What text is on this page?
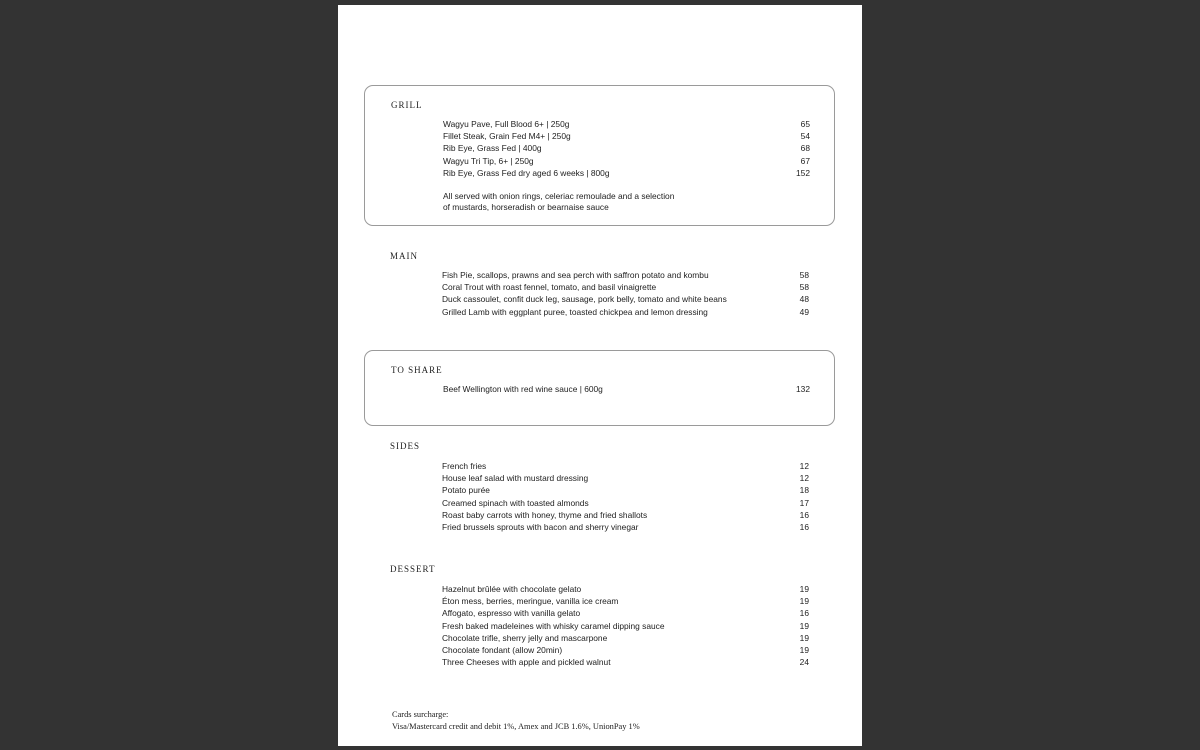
GRILL
Wagyu Pave, Full Blood 6+ | 250g	65
Fillet Steak, Grain Fed M4+ | 250g	54
Rib Eye, Grass Fed | 400g	68
Wagyu Tri Tip, 6+ | 250g	67
Rib Eye, Grass Fed dry aged 6 weeks | 800g	152
All served with onion rings, celeriac remoulade and a selection
of mustards, horseradish or bearnaise sauce
MAIN
Fish Pie, scallops, prawns and sea perch with saffron potato and kombu	58
Coral Trout with roast fennel, tomato, and basil vinaigrette	58
Duck cassoulet, confit duck leg, sausage, pork belly, tomato and white beans	48
Grilled Lamb with eggplant puree, toasted chickpea and lemon dressing	49
TO SHARE
Beef Wellington with red wine sauce | 600g	132
SIDES
French fries	12
House leaf salad with mustard dressing	12
Potato purée	18
Creamed spinach with toasted almonds	17
Roast baby carrots with honey, thyme and fried shallots	16
Fried brussels sprouts with bacon and sherry vinegar	16
DESSERT
Hazelnut brûlée with chocolate gelato	19
Éton mess, berries, meringue, vanilla ice cream	19
Affogato, espresso with vanilla gelato	16
Fresh baked madeleines with whisky caramel dipping sauce	19
Chocolate trifle, sherry jelly and mascarpone	19
Chocolate fondant (allow 20min)	19
Three Cheeses with apple and pickled walnut	24
Cards surcharge:
Visa/Mastercard credit and debit 1%, Amex and JCB 1.6%, UnionPay 1%
